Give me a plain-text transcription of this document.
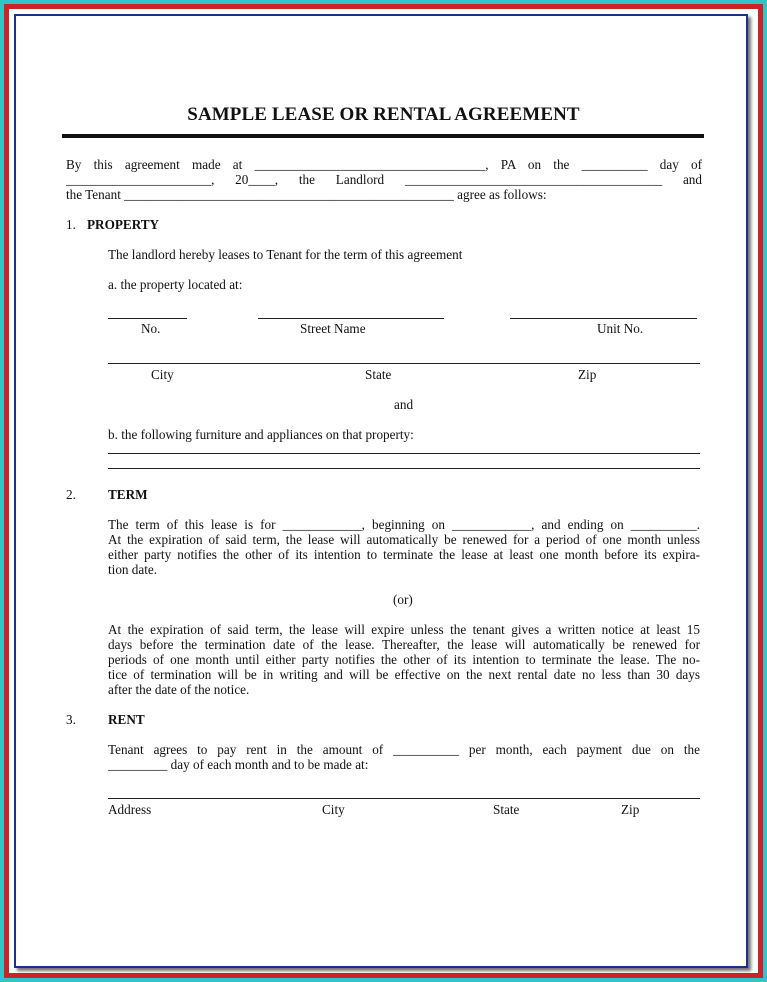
SAMPLE LEASE OR RENTAL AGREEMENT
By this agreement made at ___________________________________, PA on the __________ day of
______________________, 20____, the Landlord _______________________________________ and
the Tenant __________________________________________________ agree as follows:
1. PROPERTY
The landlord hereby leases to Tenant for the term of this agreement
a. the property located at:
No.	Street Name	Unit No.
City	State	Zip
and
b. the following furniture and appliances on that property:
2. TERM
The term of this lease is for ____________, beginning on ____________, and ending on __________.
At the expiration of said term, the lease will automatically be renewed for a period of one month unless
either party notifies the other of its intention to terminate the lease at least one month before its expira-
tion date.
(or)
At the expiration of said term, the lease will expire unless the tenant gives a written notice at least 15
days before the termination date of the lease. Thereafter, the lease will automatically be renewed for
periods of one month until either party notifies the other of its intention to terminate the lease. The no-
tice of termination will be in writing and will be effective on the next rental date no less than 30 days
after the date of the notice.
3. RENT
Tenant agrees to pay rent in the amount of __________ per month, each payment due on the
_________ day of each month and to be made at:
Address	City	State	Zip
